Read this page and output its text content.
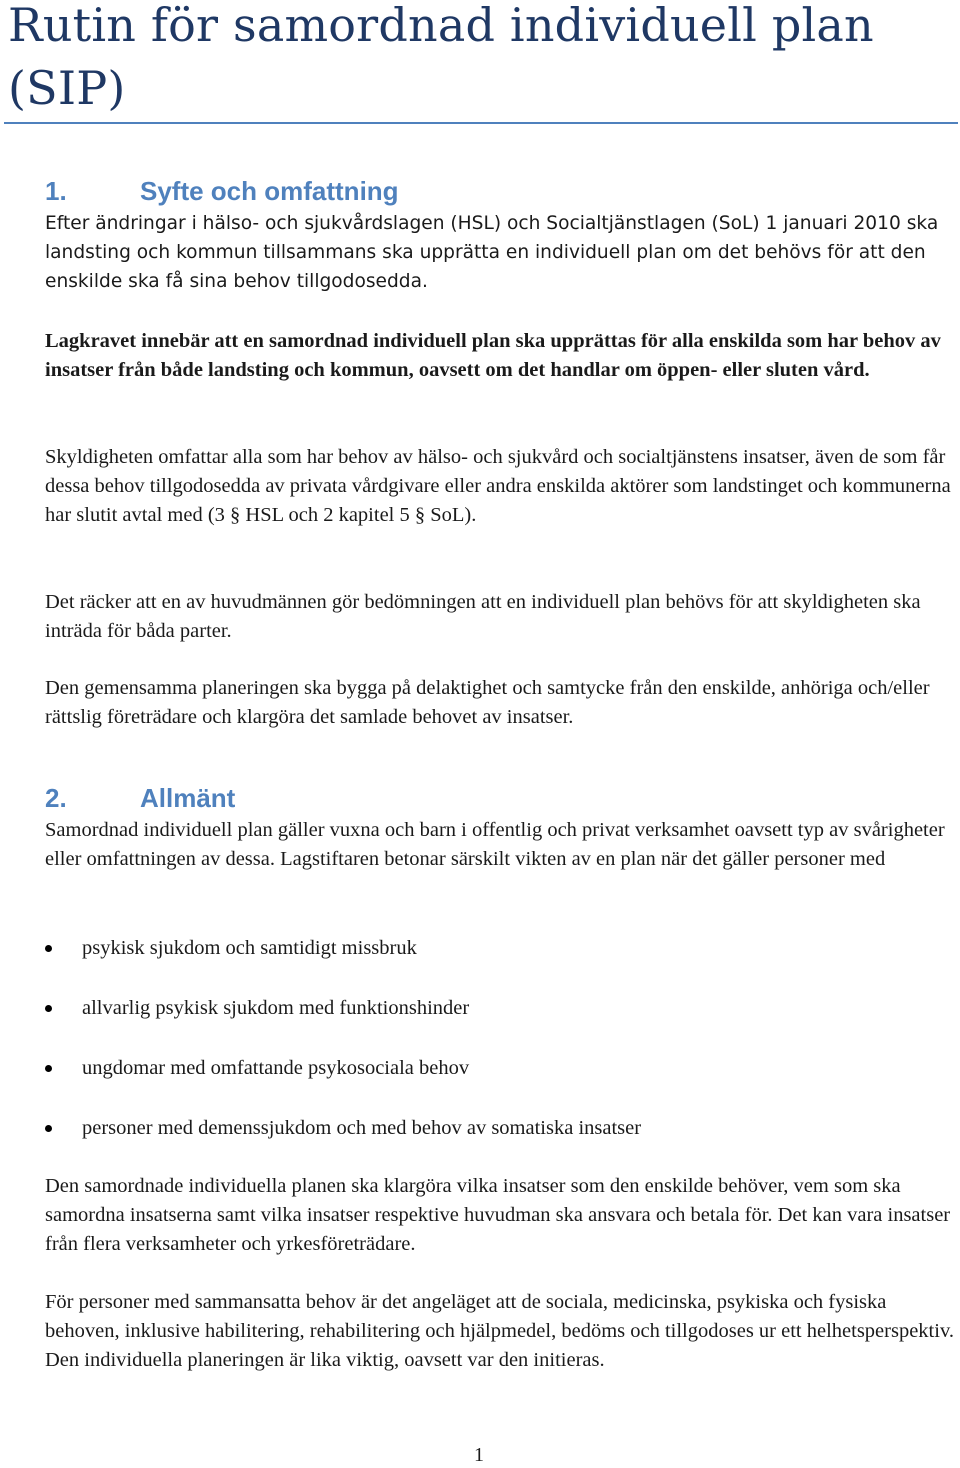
Rutin för samordnad individuell plan (SIP)
1.	Syfte och omfattning

Efter ändringar i hälso- och sjukvårdslagen (HSL) och Socialtjänstlagen (SoL) 1 januari 2010 ska landsting och kommun tillsammans ska upprätta en individuell plan om det behövs för att den enskilde ska få sina behov tillgodosedda.

Lagkravet innebär att en samordnad individuell plan ska upprättas för alla enskilda som har behov av insatser från både landsting och kommun, oavsett om det handlar om öppen- eller sluten vård.

Skyldigheten omfattar alla som har behov av hälso- och sjukvård och socialtjänstens insatser, även de som får dessa behov tillgodosedda av privata vårdgivare eller andra enskilda aktörer som landstinget och kommunerna har slutit avtal med (3 § HSL och 2 kapitel 5 § SoL).

Det räcker att en av huvudmännen gör bedömningen att en individuell plan behövs för att skyldigheten ska inträda för båda parter.

Den gemensamma planeringen ska bygga på delaktighet och samtycke från den enskilde, anhöriga och/eller rättslig företrädare och klargöra det samlade behovet av insatser.

2.	Allmänt

Samordnad individuell plan gäller vuxna och barn i offentlig och privat verksamhet oavsett typ av svårigheter eller omfattningen av dessa. Lagstiftaren betonar särskilt vikten av en plan när det gäller personer med

psykisk sjukdom och samtidigt missbruk
allvarlig psykisk sjukdom med funktionshinder
ungdomar med omfattande psykosociala behov
personer med demenssjukdom och med behov av somatiska insatser

Den samordnade individuella planen ska klargöra vilka insatser som den enskilde behöver, vem som ska samordna insatserna samt vilka insatser respektive huvudman ska ansvara och betala för. Det kan vara insatser från flera verksamheter och yrkesföreträdare.

För personer med sammansatta behov är det angeläget att de sociala, medicinska, psykiska och fysiska behoven, inklusive habilitering, rehabilitering och hjälpmedel, bedöms och tillgodoses ur ett helhetsperspektiv. Den individuella planeringen är lika viktig, oavsett var den initieras.

1
